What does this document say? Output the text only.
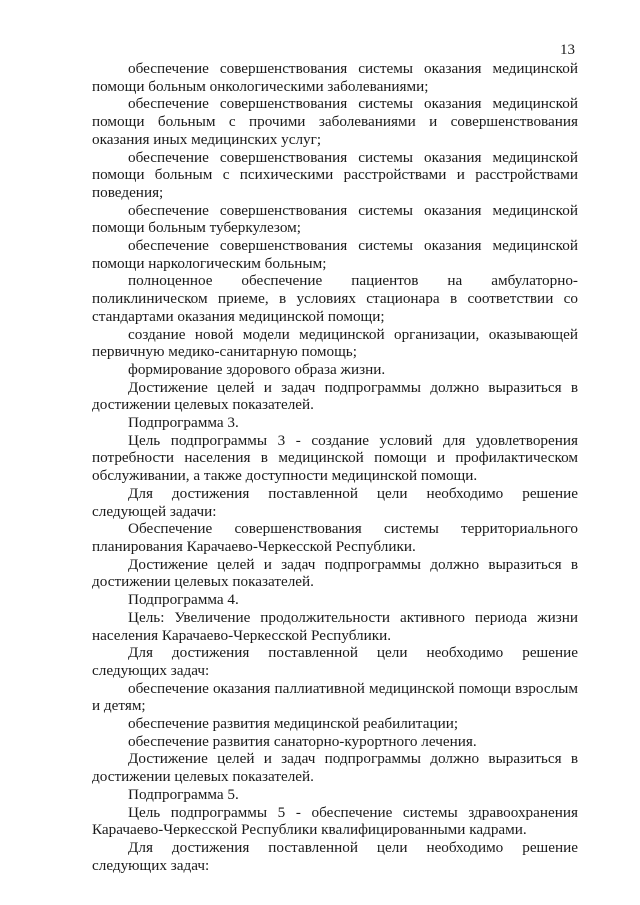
13

обеспечение совершенствования системы оказания медицинской помощи больным онкологическими заболеваниями;

обеспечение совершенствования системы оказания медицинской помощи больным с прочими заболеваниями и совершенствования оказания иных медицинских услуг;

обеспечение совершенствования системы оказания медицинской помощи больным с психическими расстройствами и расстройствами поведения;

обеспечение совершенствования системы оказания медицинской помощи больным туберкулезом;

обеспечение совершенствования системы оказания медицинской помощи наркологическим больным;

полноценное обеспечение пациентов на амбулаторно-поликлиническом приеме, в условиях стационара в соответствии со стандартами оказания медицинской помощи;

создание новой модели медицинской организации, оказывающей первичную медико-санитарную помощь;

формирование здорового образа жизни.

Достижение целей и задач подпрограммы должно выразиться в достижении целевых показателей.

Подпрограмма 3.

Цель подпрограммы 3 - создание условий для удовлетворения потребности населения в медицинской помощи и профилактическом обслуживании, а также доступности медицинской помощи.

Для достижения поставленной цели необходимо решение следующей задачи:

Обеспечение совершенствования системы территориального планирования Карачаево-Черкесской Республики.

Достижение целей и задач подпрограммы должно выразиться в достижении целевых показателей.

Подпрограмма 4.

Цель: Увеличение продолжительности активного периода жизни населения Карачаево-Черкесской Республики.

Для достижения поставленной цели необходимо решение следующих задач:

обеспечение оказания паллиативной медицинской помощи взрослым и детям;

обеспечение развития медицинской реабилитации;

обеспечение развития санаторно-курортного лечения.

Достижение целей и задач подпрограммы должно выразиться в достижении целевых показателей.

Подпрограмма 5.

Цель подпрограммы 5 - обеспечение системы здравоохранения Карачаево-Черкесской Республики квалифицированными кадрами.

Для достижения поставленной цели необходимо решение следующих задач:
